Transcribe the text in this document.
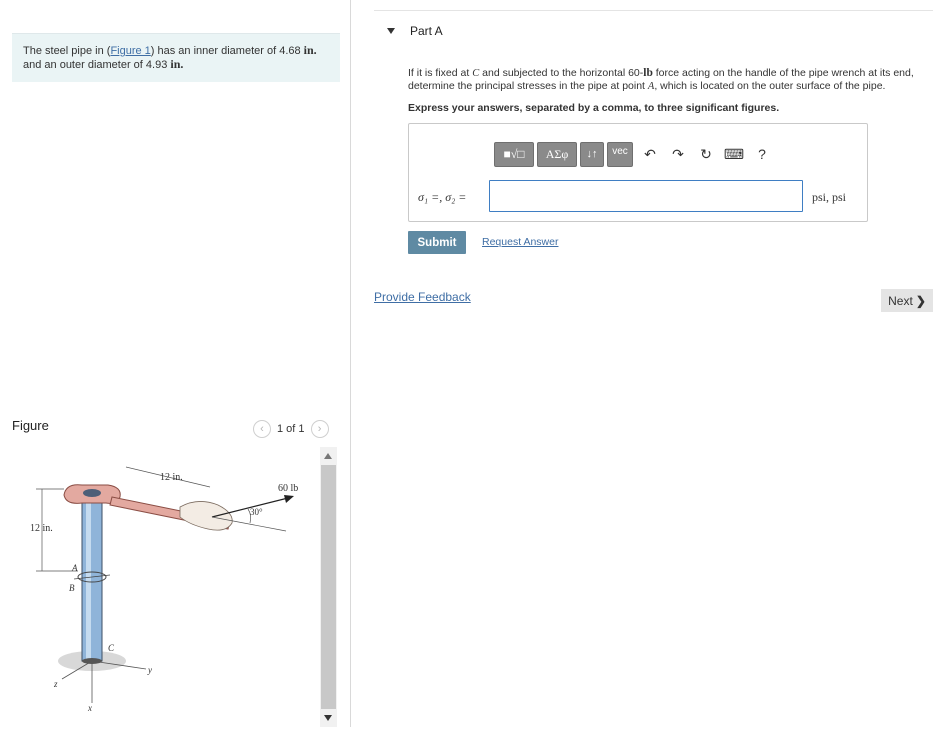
The steel pipe in (Figure 1) has an inner diameter of 4.68 in.
and an outer diameter of 4.93 in.
Figure	‹	1 of 1	›
12 in.
12 in.
60 lb
30°
A
B
C
x
y
z
Part A
If it is fixed at C and subjected to the horizontal 60-lb force acting on the handle of the pipe wrench at its end, determine the principal stresses in the pipe at point A, which is located on the outer surface of the pipe.
Express your answers, separated by a comma, to three significant figures.
■√□	ΑΣφ	↓↑	vec	↶	↷	↻ ⌨ ?
σ₁ =, σ₂ =	psi, psi
Submit	Request Answer
Provide Feedback	Next ❯
